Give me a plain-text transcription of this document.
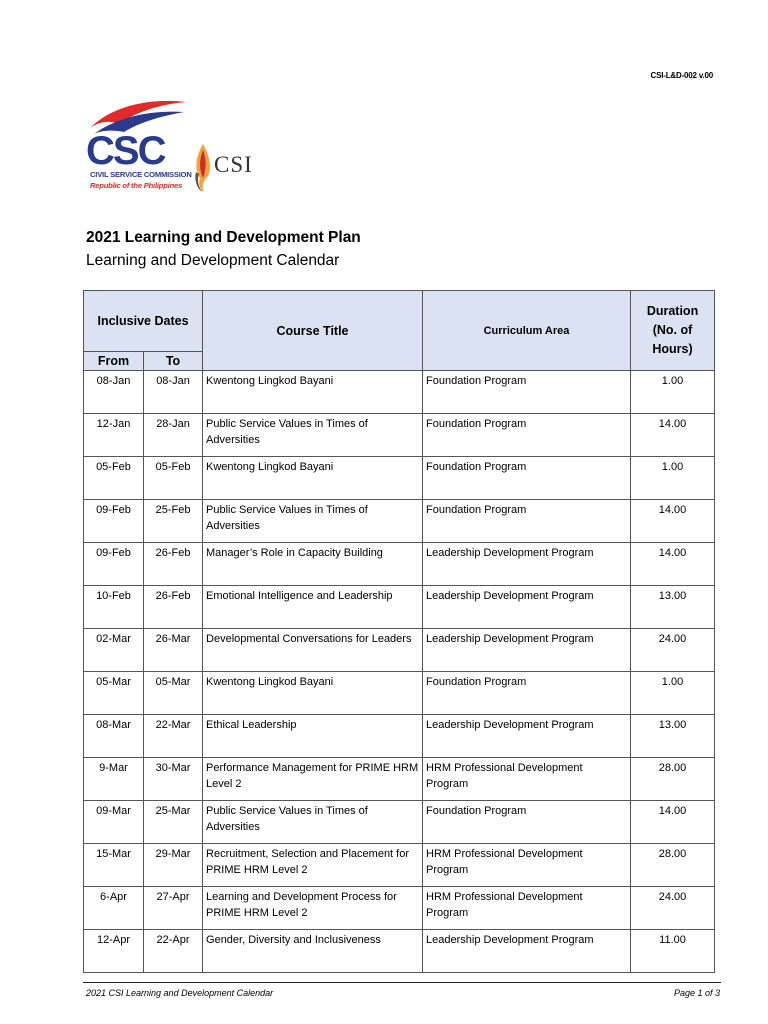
CSI-L&D-002 v.00
CSC
CIVIL SERVICE COMMISSION
Republic of the Philippines
CSI
2021 Learning and Development Plan
Learning and Development Calendar
Inclusive Dates		Course Title	Curriculum Area	Duration
(No. of
Hours)

From	To			
08-Jan	08-Jan	Kwentong Lingkod Bayani	Foundation Program	1.00
12-Jan	28-Jan	Public Service Values in Times of Adversities	Foundation Program	14.00
05-Feb	05-Feb	Kwentong Lingkod Bayani	Foundation Program	1.00
09-Feb	25-Feb	Public Service Values in Times of Adversities	Foundation Program	14.00
09-Feb	26-Feb	Manager’s Role in Capacity Building	Leadership Development Program	14.00
10-Feb	26-Feb	Emotional Intelligence and Leadership	Leadership Development Program	13.00
02-Mar	26-Mar	Developmental Conversations for Leaders	Leadership Development Program	24.00
05-Mar	05-Mar	Kwentong Lingkod Bayani	Foundation Program	1.00
08-Mar	22-Mar	Ethical Leadership	Leadership Development Program	13.00
9-Mar	30-Mar	Performance Management for PRIME HRM Level 2	HRM Professional Development Program	28.00
09-Mar	25-Mar	Public Service Values in Times of Adversities	Foundation Program	14.00
15-Mar	29-Mar	Recruitment, Selection and Placement for PRIME HRM Level 2	HRM Professional Development Program	28.00
6-Apr	27-Apr	Learning and Development Process for PRIME HRM Level 2	HRM Professional Development Program	24.00
12-Apr	22-Apr	Gender, Diversity and Inclusiveness	Leadership Development Program	11.00
2021 CSI Learning and Development Calendar	Page 1 of 3
